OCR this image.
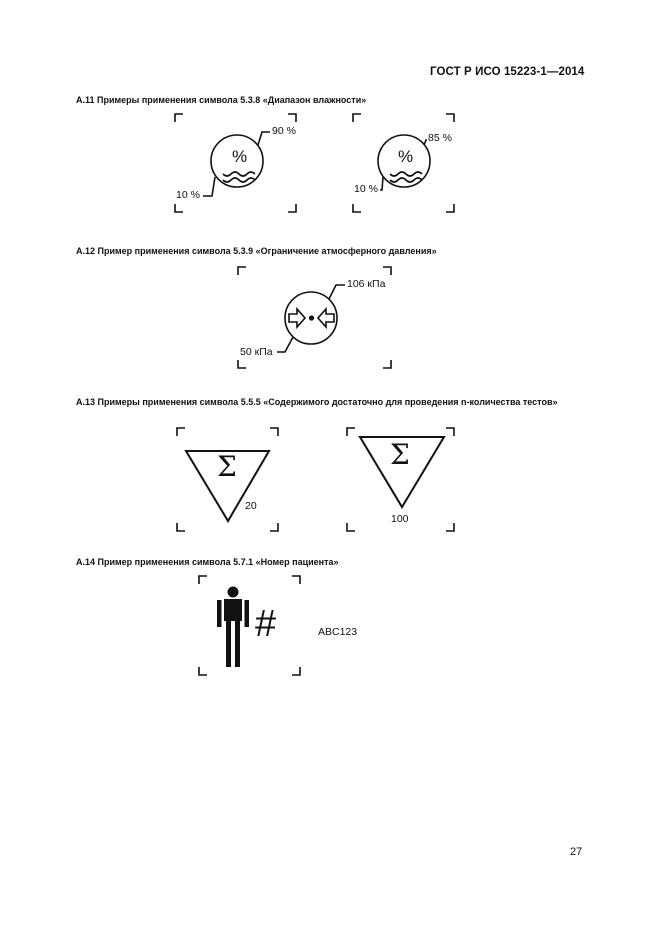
ГОСТ Р ИСО 15223-1—2014
А.11 Примеры применения символа 5.3.8 «Диапазон влажности»
А.12 Пример применения символа 5.3.9 «Ограничение атмосферного давления»
А.13 Примеры применения символа 5.5.5 «Содержимого достаточно для проведения n-количества тестов»
А.14 Пример применения символа 5.7.1 «Номер пациента»
%
90 %
10 %
%
85 %
10 %
106 кПа
50 кПа
Σ
20
Σ
100
#	ABC123
27
